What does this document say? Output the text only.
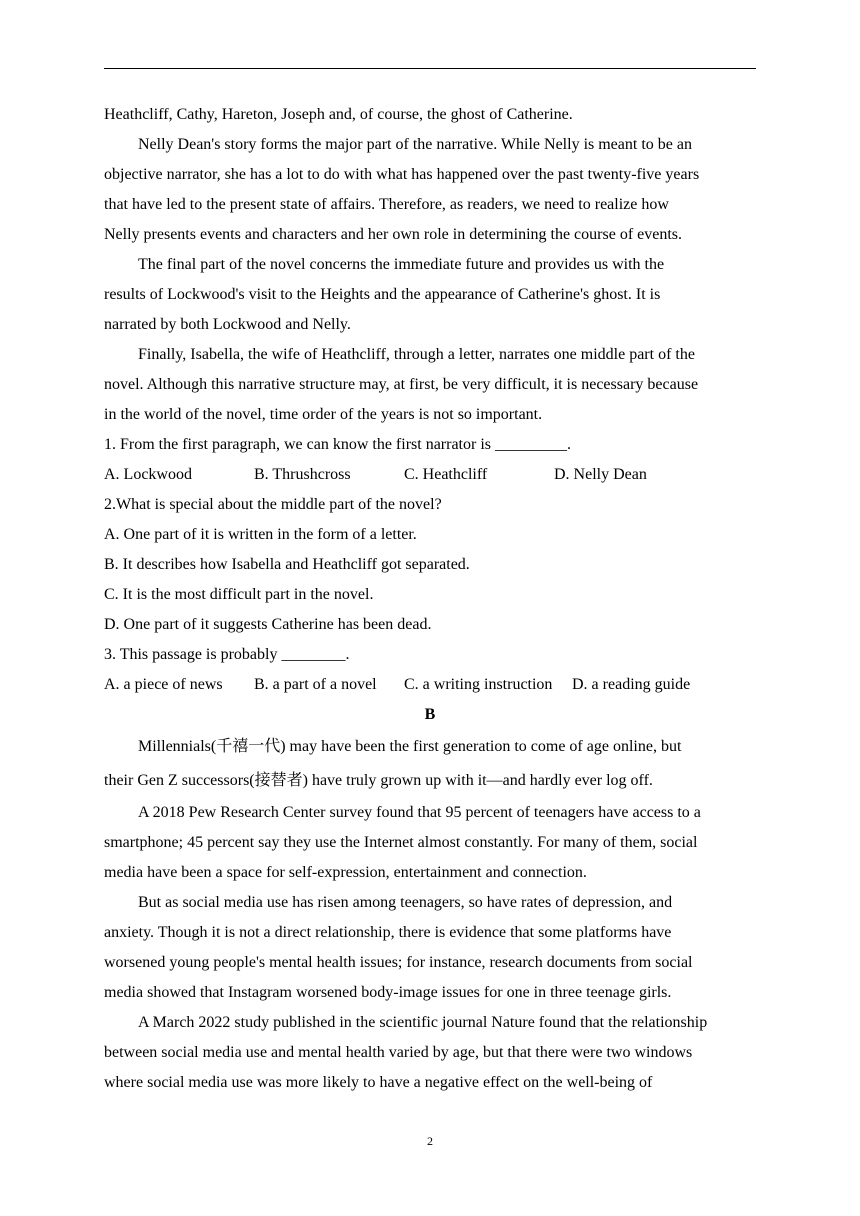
Heathcliff, Cathy, Hareton, Joseph and, of course, the ghost of Catherine.
Nelly Dean's story forms the major part of the narrative. While Nelly is meant to be an
objective narrator, she has a lot to do with what has happened over the past twenty-five years
that have led to the present state of affairs. Therefore, as readers, we need to realize how
Nelly presents events and characters and her own role in determining the course of events.
The final part of the novel concerns the immediate future and provides us with the
results of Lockwood's visit to the Heights and the appearance of Catherine's ghost. It is
narrated by both Lockwood and Nelly.
Finally, Isabella, the wife of Heathcliff, through a letter, narrates one middle part of the
novel. Although this narrative structure may, at first, be very difficult, it is necessary because
in the world of the novel, time order of the years is not so important.
1. From the first paragraph, we can know the first narrator is _________.
A. Lockwood	B. Thrushcross	C. Heathcliff	D. Nelly Dean
2.What is special about the middle part of the novel?
A. One part of it is written in the form of a letter.
B. It describes how Isabella and Heathcliff got separated.
C. It is the most difficult part in the novel.
D. One part of it suggests Catherine has been dead.
3. This passage is probably ________.
A. a piece of news	B. a part of a novel	C. a writing instruction	D. a reading guide
B
Millennials(千禧一代) may have been the first generation to come of age online, but
their Gen Z successors(接替者) have truly grown up with it—and hardly ever log off.
A 2018 Pew Research Center survey found that 95 percent of teenagers have access to a
smartphone; 45 percent say they use the Internet almost constantly. For many of them, social
media have been a space for self-expression, entertainment and connection.
But as social media use has risen among teenagers, so have rates of depression, and
anxiety. Though it is not a direct relationship, there is evidence that some platforms have
worsened young people's mental health issues; for instance, research documents from social
media showed that Instagram worsened body-image issues for one in three teenage girls.
A March 2022 study published in the scientific journal Nature found that the relationship
between social media use and mental health varied by age, but that there were two windows
where social media use was more likely to have a negative effect on the well-being of
2
